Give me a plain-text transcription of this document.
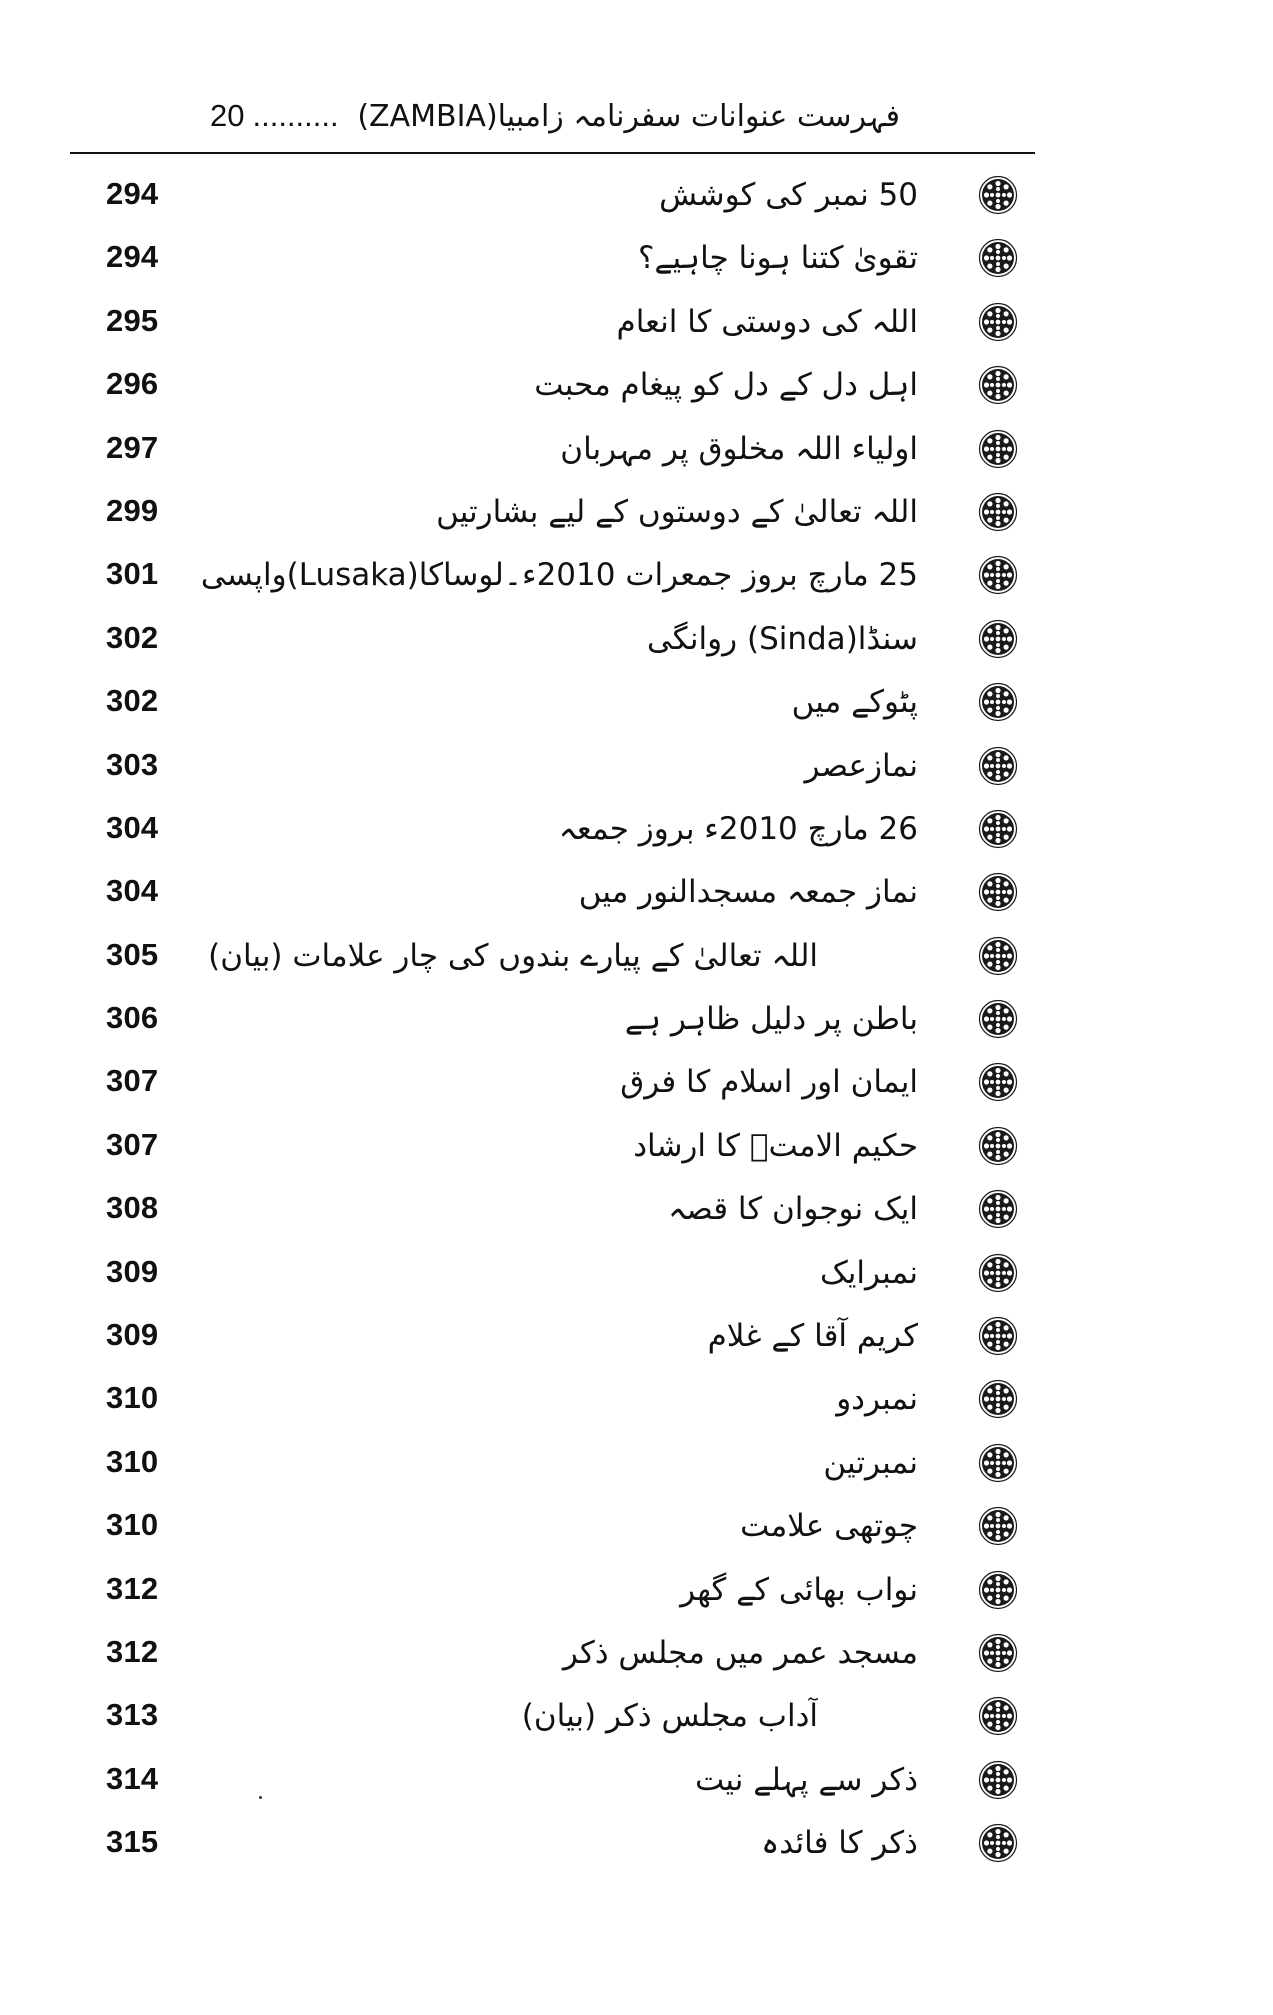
20 .......... فہرست عنوانات سفرنامہ زامبیا(ZAMBIA)
294	50 نمبر کی کوشش
294	تقویٰ کتنا ہونا چاہیے؟
295	اللہ کی دوستی کا انعام
296	اہل دل کے دل کو پیغام محبت
297	اولیاء اللہ مخلوق پر مہربان
299	اللہ تعالیٰ کے دوستوں کے لیے بشارتیں
301	25 مارچ بروز جمعرات 2010ء۔لوساکا(Lusaka)واپسی
302	سنڈا(Sinda) روانگی
302	پٹوکے میں
303	نمازعصر
304	26 مارچ 2010ء بروز جمعہ
304	نماز جمعہ مسجدالنور میں
305	اللہ تعالیٰ کے پیارے بندوں کی چار علامات (بیان)
306	باطن پر دلیل ظاہر ہے
307	ایمان اور اسلام کا فرق
307	حکیم الامتؒ کا ارشاد
308	ایک نوجوان کا قصہ
309	نمبرایک
309	کریم آقا کے غلام
310	نمبردو
310	نمبرتین
310	چوتھی علامت
312	نواب بھائی کے گھر
312	مسجد عمر میں مجلس ذکر
313	آداب مجلس ذکر (بیان)
314	ذکر سے پہلے نیت
315	ذکر کا فائدہ
